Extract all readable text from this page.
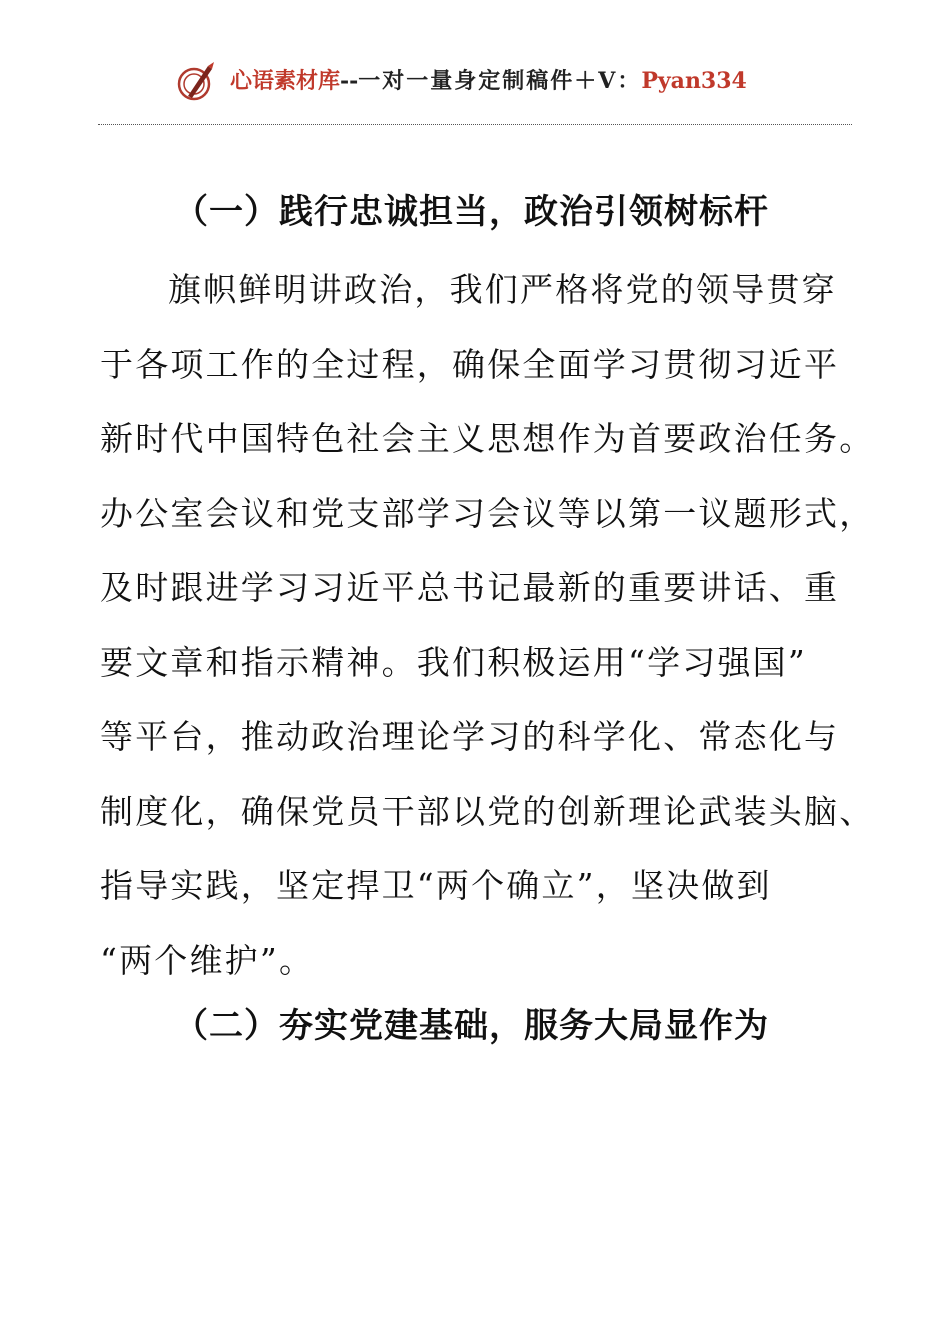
心语素材库--一对一量身定制稿件＋V：Pyan334
（一）践行忠诚担当，政治引领树标杆
旗帜鲜明讲政治，我们严格将党的领导贯穿
于各项工作的全过程，确保全面学习贯彻习近平
新时代中国特色社会主义思想作为首要政治任务。
办公室会议和党支部学习会议等以第一议题形式，
及时跟进学习习近平总书记最新的重要讲话、重
要文章和指示精神。我们积极运用“学习强国”
等平台，推动政治理论学习的科学化、常态化与
制度化，确保党员干部以党的创新理论武装头脑、
指导实践，坚定捍卫“两个确立”，坚决做到
“两个维护”。
（二）夯实党建基础，服务大局显作为
